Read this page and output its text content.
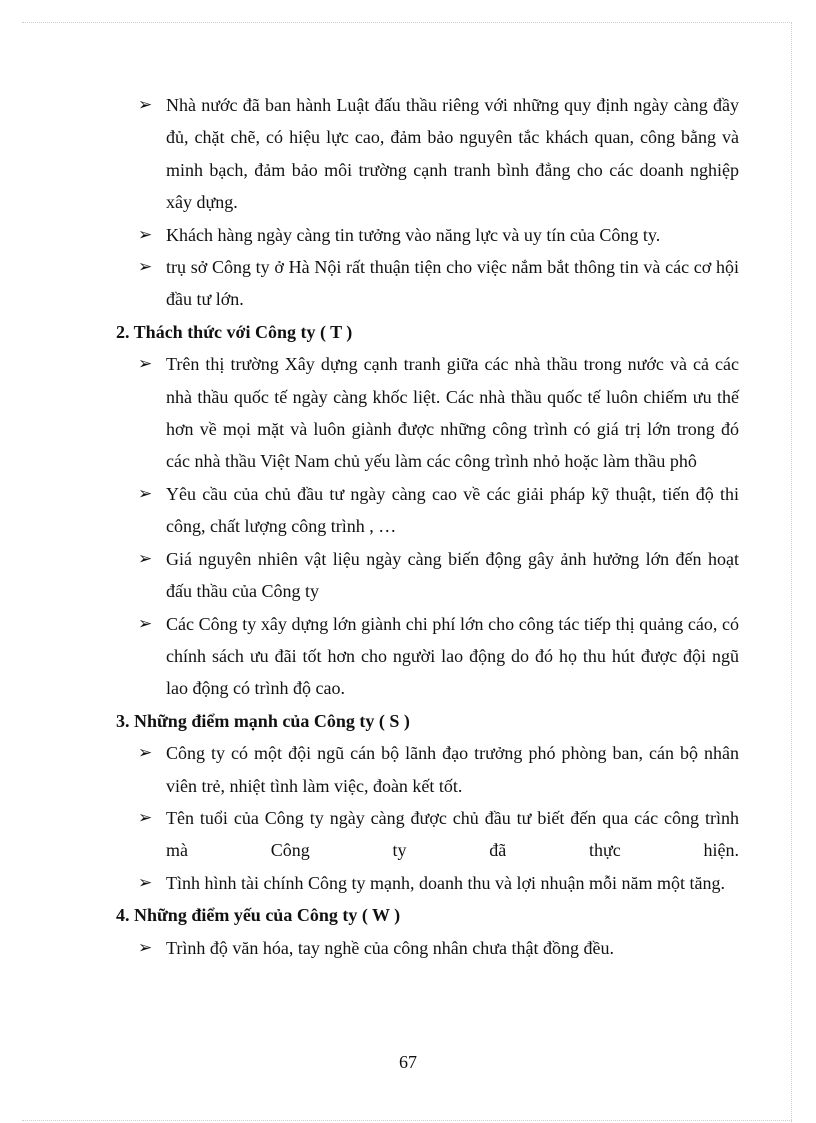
➢ Nhà nước đã ban hành Luật đấu thầu riêng với những quy định ngày càng đầy đủ, chặt chẽ, có hiệu lực cao, đảm bảo nguyên tắc khách quan, công bằng và minh bạch, đảm bảo môi trường cạnh tranh bình đẳng cho các doanh nghiệp xây dựng.
➢ Khách hàng ngày càng tin tưởng vào năng lực và uy tín của Công ty.
➢ trụ sở Công ty ở Hà Nội rất thuận tiện cho việc nắm bắt thông tin và các cơ hội đầu tư lớn.
2. Thách thức với Công ty ( T )
➢ Trên thị trường Xây dựng cạnh tranh giữa các nhà thầu trong nước và cả các nhà thầu quốc tế ngày càng khốc liệt. Các nhà thầu quốc tế luôn chiếm ưu thế hơn về mọi mặt và luôn giành được những công trình có giá trị lớn trong đó các nhà thầu Việt Nam chủ yếu làm các công trình nhỏ hoặc làm thầu phô
➢ Yêu cầu của chủ đầu tư ngày càng cao về các giải pháp kỹ thuật, tiến độ thi công, chất lượng công trình , …
➢ Giá nguyên nhiên vật liệu ngày càng biến động gây ảnh hưởng lớn đến hoạt đấu thầu của Công ty
➢ Các Công ty xây dựng lớn giành chi phí lớn cho công tác tiếp thị quảng cáo, có chính sách ưu đãi tốt hơn cho người lao động do đó họ thu hút được đội ngũ lao động có trình độ cao.
3. Những điểm mạnh của Công ty ( S )
➢ Công ty có một đội ngũ cán bộ lãnh đạo trưởng phó phòng ban, cán bộ nhân viên trẻ, nhiệt tình làm việc, đoàn kết tốt.
➢ Tên tuổi của Công ty ngày càng được chủ đầu tư biết đến qua các công trình mà Công ty đã thực hiện.
➢ Tình hình tài chính Công ty mạnh, doanh thu và lợi nhuận mỗi năm một tăng.
4. Những điểm yếu của Công ty ( W )
➢ Trình độ văn hóa, tay nghề của công nhân chưa thật đồng đều.
67
